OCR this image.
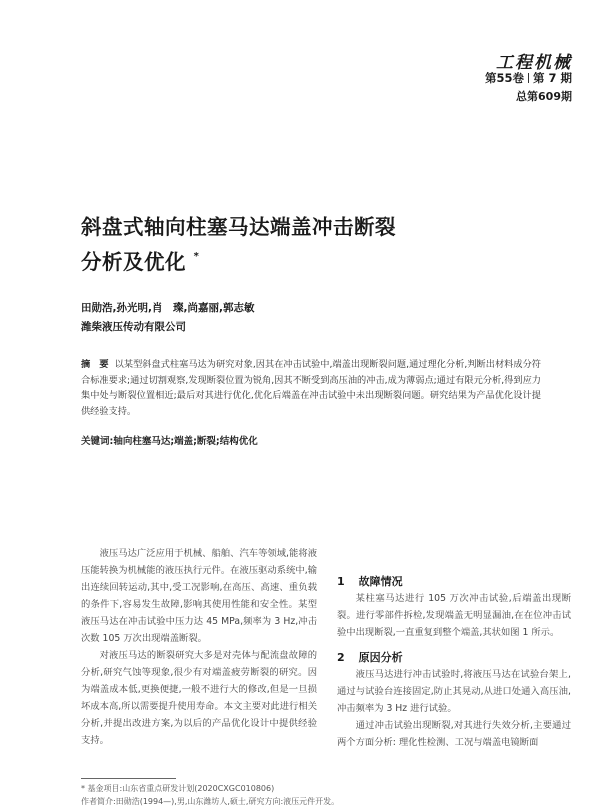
工程机械
第55卷 第 7 期
总第609期
斜盘式轴向柱塞马达端盖冲击断裂
分析及优化 *
田勋浩,孙光明,肖　璨,尚嘉丽,郭志敏
潍柴液压传动有限公司
摘　要 以某型斜盘式柱塞马达为研究对象,因其在冲击试验中,端盖出现断裂问题,通过理化分析,判断出材料成分符合标准要求;通过切割观察,发现断裂位置为锐角,因其不断受到高压油的冲击,成为薄弱点;通过有限元分析,得到应力集中处与断裂位置相近;最后对其进行优化,优化后端盖在冲击试验中未出现断裂问题。研究结果为产品优化设计提供经验支持。
关键词:轴向柱塞马达;端盖;断裂;结构优化

液压马达广泛应用于机械、船舶、汽车等领域,能将液压能转换为机械能的液压执行元件。在液压驱动系统中,输出连续回转运动,其中,受工况影响,在高压、高速、重负载的条件下,容易发生故障,影响其使用性能和安全性。某型液压马达在冲击试验中压力达 45 MPa,频率为 3 Hz,冲击次数 105 万次出现端盖断裂。

对液压马达的断裂研究大多是对壳体与配流盘故障的分析,研究气蚀等现象,很少有对端盖疲劳断裂的研究。因为端盖成本低,更换便捷,一般不进行大的修改,但是一旦损坏成本高,所以需要提升使用寿命。本文主要对此进行相关分析,并提出改进方案,为以后的产品优化设计中提供经验支持。

1 故障情况

某柱塞马达进行 105 万次冲击试验,后端盖出现断裂。进行零部件拆检,发现端盖无明显漏油,在在位冲击试验中出现断裂,一直重复到整个端盖,其状如图 1 所示。

2 原因分析

液压马达进行冲击试验时,将液压马达在试验台架上,通过与试验台连接固定,防止其晃动,从进口处通入高压油,冲击频率为 3 Hz 进行试验。

通过冲击试验出现断裂,对其进行失效分析,主要通过两个方面分析: 理化性检测、工况与端盖电镜断面

* 基金项目:山东省重点研发计划(2020CXGC010806)
作者简介:田勋浩(1994—),男,山东潍坊人,硕士,研究方向:液压元件开发。
